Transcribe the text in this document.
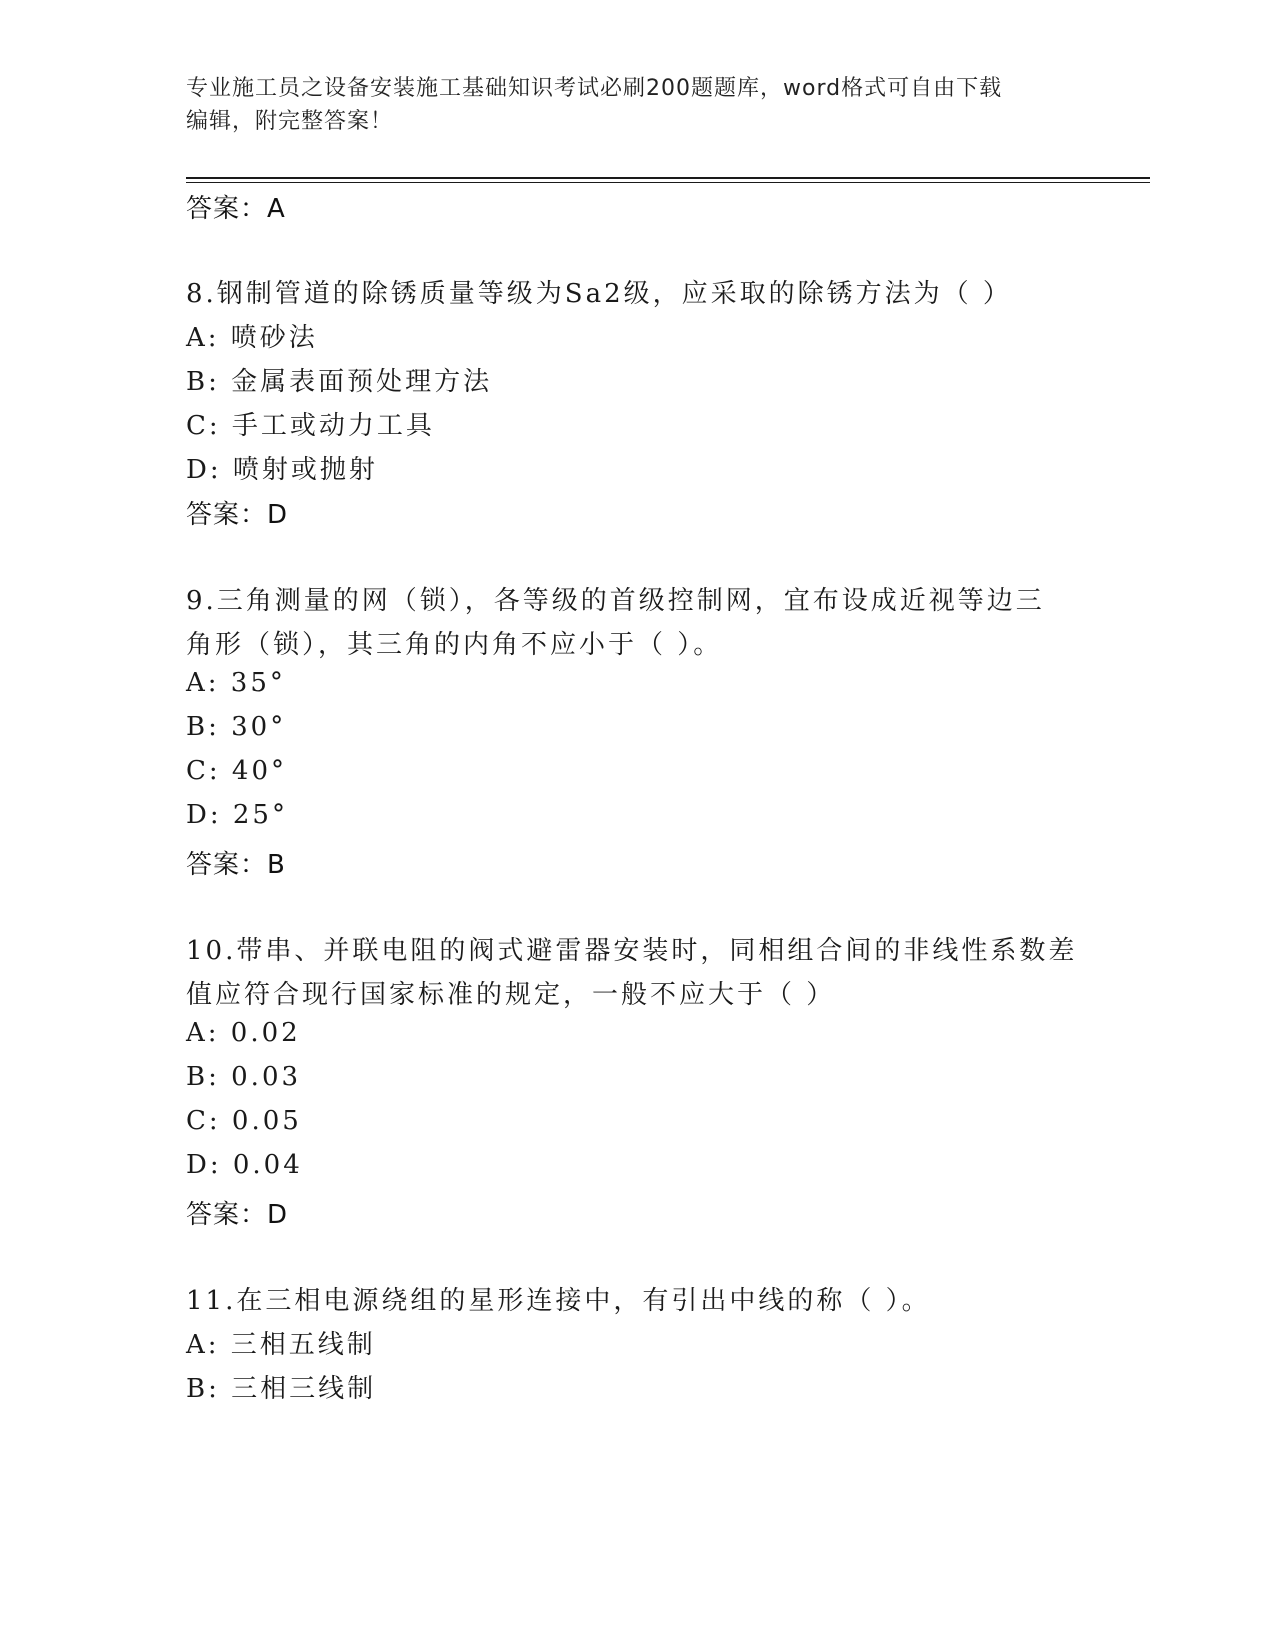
专业施工员之设备安装施工基础知识考试必刷200题题库，word格式可自由下载
编辑，附完整答案！
答案：A
8.钢制管道的除锈质量等级为Sa2级，应采取的除锈方法为（ ）
A: 喷砂法
B: 金属表面预处理方法
C: 手工或动力工具
D: 喷射或抛射
答案：D
9.三角测量的网（锁），各等级的首级控制网，宜布设成近视等边三
角形（锁），其三角的内角不应小于（ ）。
A: 35°
B: 30°
C: 40°
D: 25°
答案：B
10.带串、并联电阻的阀式避雷器安装时，同相组合间的非线性系数差
值应符合现行国家标准的规定，一般不应大于（ ）
A: 0.02
B: 0.03
C: 0.05
D: 0.04
答案：D
11.在三相电源绕组的星形连接中，有引出中线的称（ ）。
A: 三相五线制
B: 三相三线制
